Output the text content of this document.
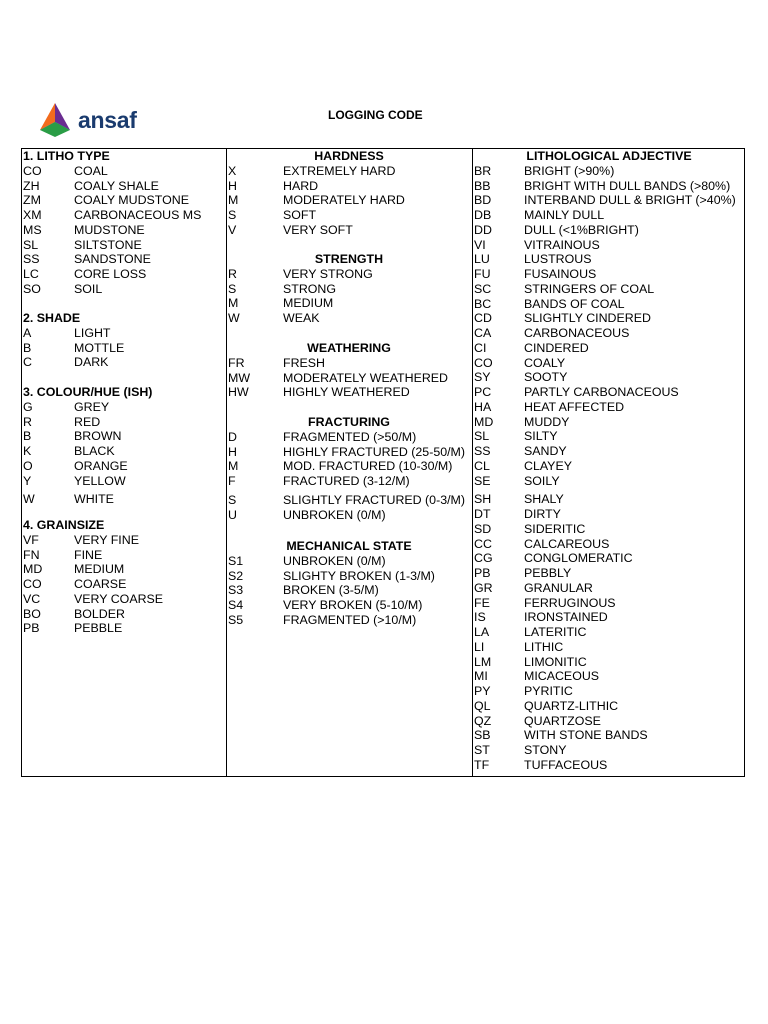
ansaf	LOGGING CODE
1. LITHO TYPE
CO	COAL
ZH	COALY SHALE
ZM	COALY MUDSTONE
XM	CARBONACEOUS MS
MS	MUDSTONE
SL	SILTSTONE
SS	SANDSTONE
LC	CORE LOSS
SO	SOIL
2. SHADE
A	LIGHT
B	MOTTLE
C	DARK
3. COLOUR/HUE (ISH)
G	GREY
R	RED
B	BROWN
K	BLACK
O	ORANGE
Y	YELLOW
W	WHITE
4. GRAINSIZE
VF	VERY FINE
FN	FINE
MD	MEDIUM
CO	COARSE
VC	VERY COARSE
BO	BOLDER
PB	PEBBLE
HARDNESS
X	EXTREMELY HARD
H	HARD
M	MODERATELY HARD
S	SOFT
V	VERY SOFT
STRENGTH
R	VERY STRONG
S	STRONG
M	MEDIUM
W	WEAK
WEATHERING
FR	FRESH
MW	MODERATELY WEATHERED
HW	HIGHLY WEATHERED
FRACTURING
D	FRAGMENTED (>50/M)
H	HIGHLY FRACTURED (25-50/M)
M	MOD. FRACTURED (10-30/M)
F	FRACTURED (3-12/M)
S	SLIGHTLY FRACTURED (0-3/M)
U	UNBROKEN (0/M)
MECHANICAL STATE
S1	UNBROKEN (0/M)
S2	SLIGHTY BROKEN (1-3/M)
S3	BROKEN (3-5/M)
S4	VERY BROKEN (5-10/M)
S5	FRAGMENTED (>10/M)
LITHOLOGICAL ADJECTIVE
BR	BRIGHT (>90%)
BB	BRIGHT WITH DULL BANDS (>80%)
BD	INTERBAND DULL & BRIGHT (>40%)
DB	MAINLY DULL
DD	DULL (<1%BRIGHT)
VI	VITRAINOUS
LU	LUSTROUS
FU	FUSAINOUS
SC	STRINGERS OF COAL
BC	BANDS OF COAL
CD	SLIGHTLY CINDERED
CA	CARBONACEOUS
CI	CINDERED
CO	COALY
SY	SOOTY
PC	PARTLY CARBONACEOUS
HA	HEAT AFFECTED
MD MUDDY
SL	SILTY
SS	SANDY
CL	CLAYEY
SE	SOILY
SH	SHALY
DT	DIRTY
SD	SIDERITIC
CC	CALCAREOUS
CG	CONGLOMERATIC
PB	PEBBLY
GR	GRANULAR
FE	FERRUGINOUS
IS	IRONSTAINED
LA	LATERITIC
LI	LITHIC
LM	LIMONITIC
MI	MICACEOUS
PY	PYRITIC
QL	QUARTZ-LITHIC
QZ	QUARTZOSE
SB	WITH STONE BANDS
ST	STONY
TF	TUFFACEOUS
